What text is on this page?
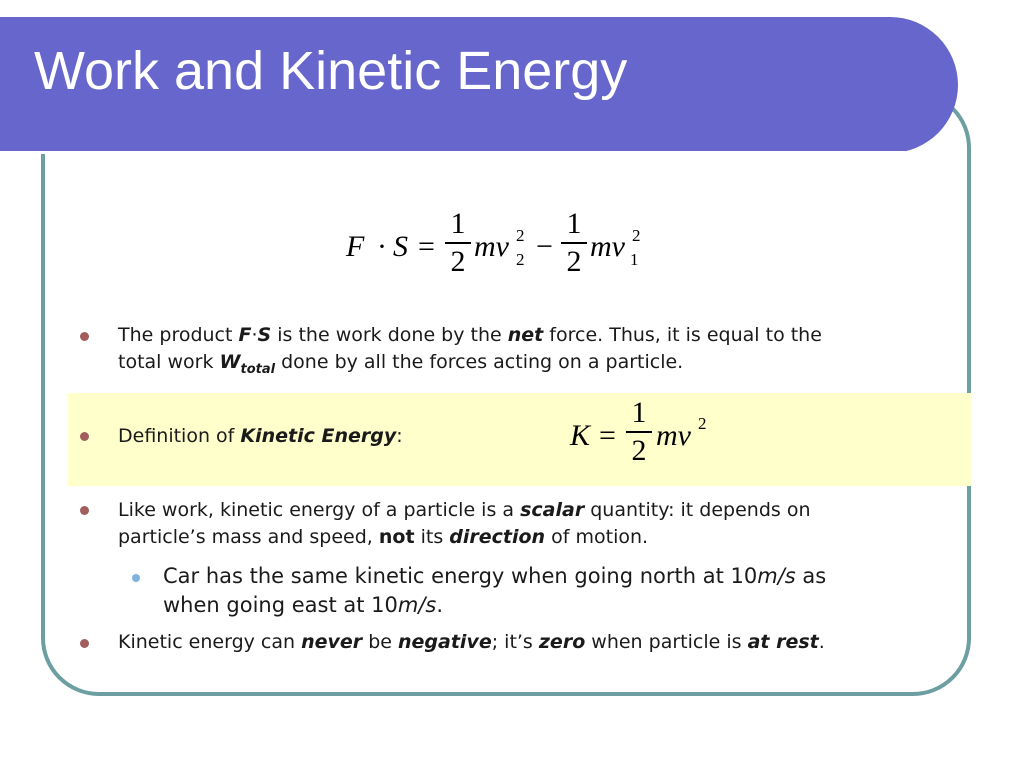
Work and Kinetic Energy
F · S =
1
2 mv 2
2 −
1
2 mv 2
1
The product F·S is the work done by the net force. Thus, it is equal to the
total work $W_{total}$ done by all the forces acting on a particle.
Definition of Kinetic Energy:	K =
1
2 mv 2
Like work, kinetic energy of a particle is a scalar quantity: it depends on
particle’s mass and speed, not its direction of motion.
Car has the same kinetic energy when going north at 10m/s as
when going east at 10m/s.
Kinetic energy can never be negative; it’s zero when particle is at rest.
